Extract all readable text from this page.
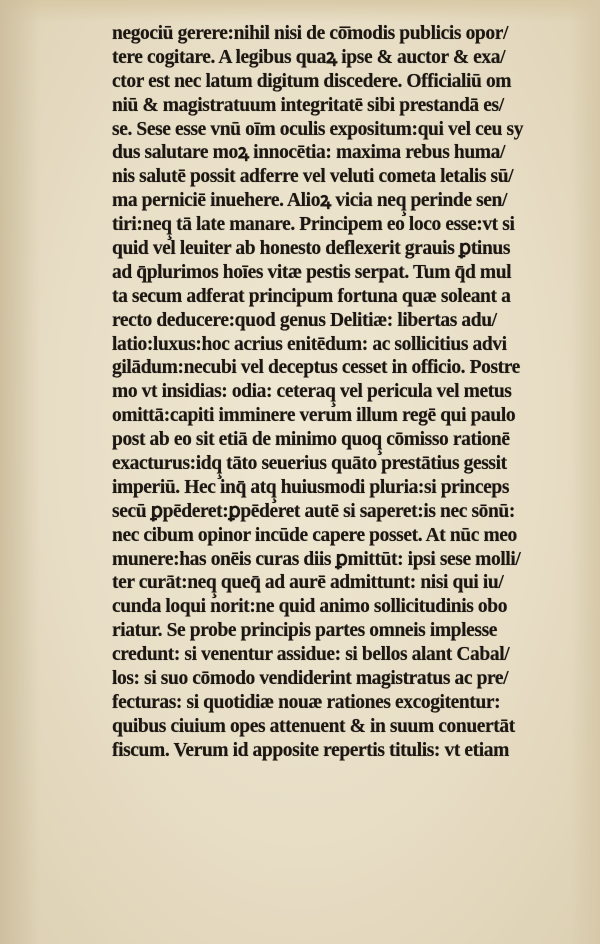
negociū gerere:nihil nisi de cō̄modis publicis opor/
tere cogitare. A legibus quaꝝ ipse & auctor & exa/
ctor est nec latum digitum discedere. Officialiū om
niū & magistratuum integritatē sibi prestandā es/
se. Sese esse vnū oīm oculis expositum:qui vel ceu sy
dus salutare moꝝ innocētia: maxima rebus huma/
nis salutē possit adferre vel veluti cometa letalis sū/
ma perniciē inuehere. Alioꝝ vicia neq̧ perinde sen/
tiri:neq̧ tā late manare. Principem eo loco esse:vt si
quid vel leuiter ab honesto deflexerit grauis ꝑtinus
ad q̄plurimos hoīes vitæ pestis serpat. Tum q̄d mul
ta secum adferat principum fortuna quæ soleant a
recto deducere:quod genus Delitiæ: libertas adu/
latio:luxus:hoc acrius enitēdum: ac sollicitius advi
gilādum:necubi vel deceptus cesset in officio. Postre
mo vt insidias: odia: ceteraq̧ vel pericula vel metus
omittā:capiti imminere verum illum regē qui paulo
post ab eo sit etiā de minimo quoq̧ cōmisso rationē
exacturus:idq̧ tāto seuerius quāto prestātius gessit
imperiū. Hec inq̄ atq̧ huiusmodi pluria:si princeps
secū ꝑpēderet:ꝑpēderet autē si saperet:is nec sōnū:
nec cibum opinor incūde capere posset. At nūc meo
munere:has onēis curas diis ꝑmittūt: ipsi sese molli/
ter curāt:neq̧ queq̄ ad aurē admittunt: nisi qui iu/
cunda loqui norit:ne quid animo sollicitudinis obo
riatur. Se probe principis partes omneis implesse
credunt: si venentur assidue: si bellos alant Cabal/
los: si suo cōmodo vendiderint magistratus ac pre/
fecturas: si quotidiæ nouæ rationes excogitentur:
quibus ciuium opes attenuent & in suum conuertāt
fiscum. Verum id apposite repertis titulis: vt etiam
